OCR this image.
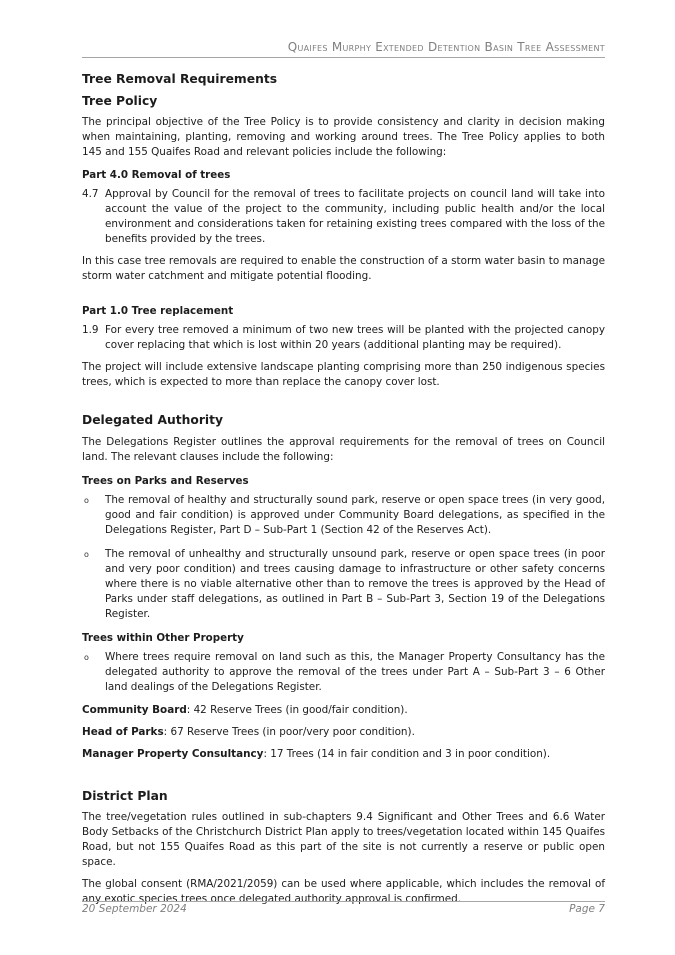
Quaifes Murphy Extended Detention Basin Tree Assessment
Tree Removal Requirements
Tree Policy

The principal objective of the Tree Policy is to provide consistency and clarity in decision making when maintaining, planting, removing and working around trees. The Tree Policy applies to both 145 and 155 Quaifes Road and relevant policies include the following:

Part 4.0 Removal of trees
4.7 Approval by Council for the removal of trees to facilitate projects on council land will take into account the value of the project to the community, including public health and/or the local environment and considerations taken for retaining existing trees compared with the loss of the benefits provided by the trees.

In this case tree removals are required to enable the construction of a storm water basin to manage storm water catchment and mitigate potential flooding.

Part 1.0 Tree replacement
1.9 For every tree removed a minimum of two new trees will be planted with the projected canopy cover replacing that which is lost within 20 years (additional planting may be required).

The project will include extensive landscape planting comprising more than 250 indigenous species trees, which is expected to more than replace the canopy cover lost.

Delegated Authority

The Delegations Register outlines the approval requirements for the removal of trees on Council land. The relevant clauses include the following:

Trees on Parks and Reserves
o The removal of healthy and structurally sound park, reserve or open space trees (in very good, good and fair condition) is approved under Community Board delegations, as specified in the Delegations Register, Part D – Sub-Part 1 (Section 42 of the Reserves Act).
o The removal of unhealthy and structurally unsound park, reserve or open space trees (in poor and very poor condition) and trees causing damage to infrastructure or other safety concerns where there is no viable alternative other than to remove the trees is approved by the Head of Parks under staff delegations, as outlined in Part B – Sub-Part 3, Section 19 of the Delegations Register.
Trees within Other Property
o Where trees require removal on land such as this, the Manager Property Consultancy has the delegated authority to approve the removal of the trees under Part A – Sub-Part 3 – 6 Other land dealings of the Delegations Register.

Community Board: 42 Reserve Trees (in good/fair condition).

Head of Parks: 67 Reserve Trees (in poor/very poor condition).

Manager Property Consultancy: 17 Trees (14 in fair condition and 3 in poor condition).

District Plan

The tree/vegetation rules outlined in sub-chapters 9.4 Significant and Other Trees and 6.6 Water Body Setbacks of the Christchurch District Plan apply to trees/vegetation located within 145 Quaifes Road, but not 155 Quaifes Road as this part of the site is not currently a reserve or public open space.

The global consent (RMA/2021/2059) can be used where applicable, which includes the removal of any exotic species trees once delegated authority approval is confirmed.

20 September 2024	Page 7
